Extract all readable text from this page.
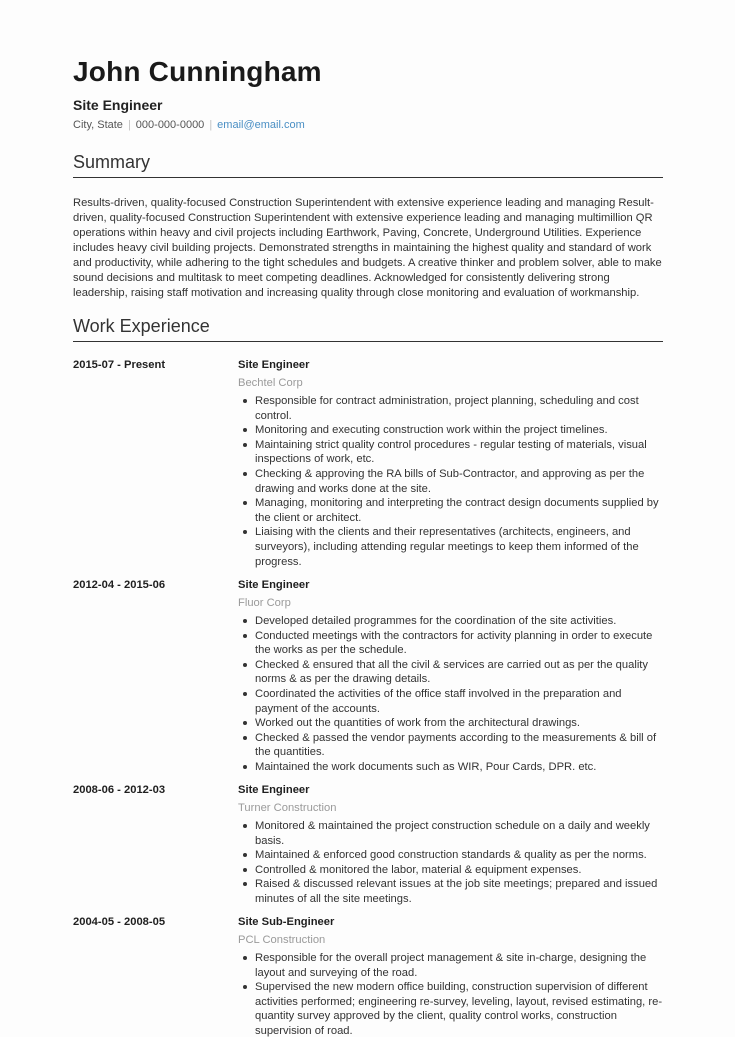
John Cunningham
Site Engineer
City, State | 000-000-0000 | email@email.com
Summary

Results-driven, quality-focused Construction Superintendent with extensive experience leading and managing Result-driven, quality-focused Construction Superintendent with extensive experience leading and managing multimillion QR operations within heavy and civil projects including Earthwork, Paving, Concrete, Underground Utilities. Experience includes heavy civil building projects. Demonstrated strengths in maintaining the highest quality and standard of work and productivity, while adhering to the tight schedules and budgets. A creative thinker and problem solver, able to make sound decisions and multitask to meet competing deadlines. Acknowledged for consistently delivering strong leadership, raising staff motivation and increasing quality through close monitoring and evaluation of workmanship.

Work Experience
2015-07 - Present	Site Engineer
Bechtel Corp
Responsible for contract administration, project planning, scheduling and cost control.
Monitoring and executing construction work within the project timelines.
Maintaining strict quality control procedures - regular testing of materials, visual inspections of work, etc.
Checking & approving the RA bills of Sub-Contractor, and approving as per the drawing and works done at the site.
Managing, monitoring and interpreting the contract design documents supplied by the client or architect.
Liaising with the clients and their representatives (architects, engineers, and surveyors), including attending regular meetings to keep them informed of the progress.
2012-04 - 2015-06	Site Engineer
Fluor Corp
Developed detailed programmes for the coordination of the site activities.
Conducted meetings with the contractors for activity planning in order to execute the works as per the schedule.
Checked & ensured that all the civil & services are carried out as per the quality norms & as per the drawing details.
Coordinated the activities of the office staff involved in the preparation and payment of the accounts.
Worked out the quantities of work from the architectural drawings.
Checked & passed the vendor payments according to the measurements & bill of the quantities.
Maintained the work documents such as WIR, Pour Cards, DPR. etc.
2008-06 - 2012-03	Site Engineer
Turner Construction
Monitored & maintained the project construction schedule on a daily and weekly basis.
Maintained & enforced good construction standards & quality as per the norms.
Controlled & monitored the labor, material & equipment expenses.
Raised & discussed relevant issues at the job site meetings; prepared and issued minutes of all the site meetings.
2004-05 - 2008-05	Site Sub-Engineer
PCL Construction
Responsible for the overall project management & site in-charge, designing the layout and surveying of the road.
Supervised the new modern office building, construction supervision of different activities performed; engineering re-survey, leveling, layout, revised estimating, re-quantity survey approved by the client, quality control works, construction supervision of road.
